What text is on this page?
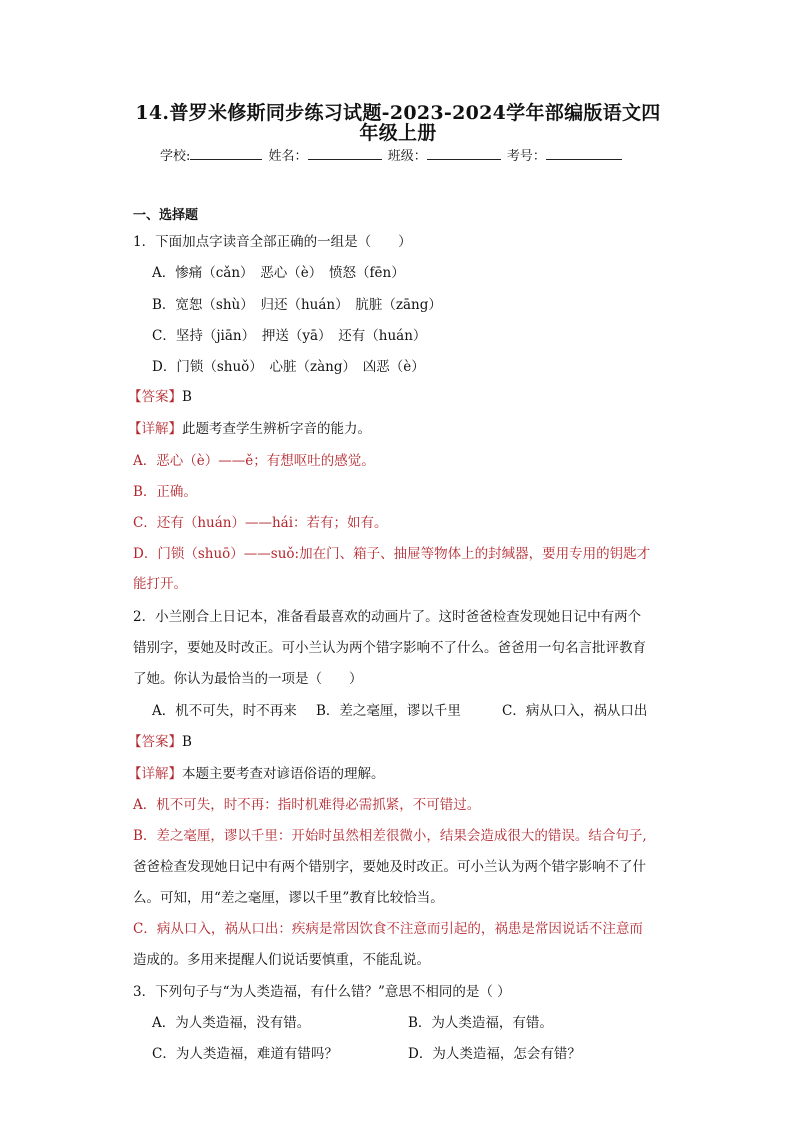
14.普罗米修斯同步练习试题-2023-2024学年部编版语文四
年级上册
学校:	姓名：	班级：	考号：
一、选择题
1．下面加点字读音全部正确的一组是（　　）
A．惨痛（cǎn）　恶心（è）　愤怒（fēn）
B．宽恕（shù）　归还（huán）　肮脏（zāng）
C．坚持（jiān）　押送（yā）　还有（huán）
D．门锁（shuǒ）　心脏（zàng）　凶恶（è）
【答案】B
【详解】此题考查学生辨析字音的能力。
A．恶心（è）——ě；有想呕吐的感觉。
B．正确。
C．还有（huán）——hái：若有；如有。
D．门锁（shuō）——suǒ:加在门、箱子、抽屉等物体上的封缄器，要用专用的钥匙才
能打开。
2．小兰刚合上日记本，准备看最喜欢的动画片了。这时爸爸检查发现她日记中有两个
错别字，要她及时改正。可小兰认为两个错字影响不了什么。爸爸用一句名言批评教育
了她。你认为最恰当的一项是（　　）
A．机不可失，时不再来 B．差之毫厘，谬以千里	C．病从口入，祸从口出
【答案】B
【详解】本题主要考查对谚语俗语的理解。
A．机不可失，时不再：指时机难得必需抓紧，不可错过。
B．差之毫厘，谬以千里：开始时虽然相差很微小，结果会造成很大的错误。结合句子,
爸爸检查发现她日记中有两个错别字，要她及时改正。可小兰认为两个错字影响不了什
么。可知，用“差之毫厘，谬以千里”教育比较恰当。
C．病从口入，祸从口出：疾病是常因饮食不注意而引起的，祸患是常因说话不注意而
造成的。多用来提醒人们说话要慎重，不能乱说。
3．下列句子与“为人类造福，有什么错？”意思不相同的是（ ）
A．为人类造福，没有错。	B．为人类造福，有错。
C．为人类造福，难道有错吗？	D．为人类造福，怎会有错？
